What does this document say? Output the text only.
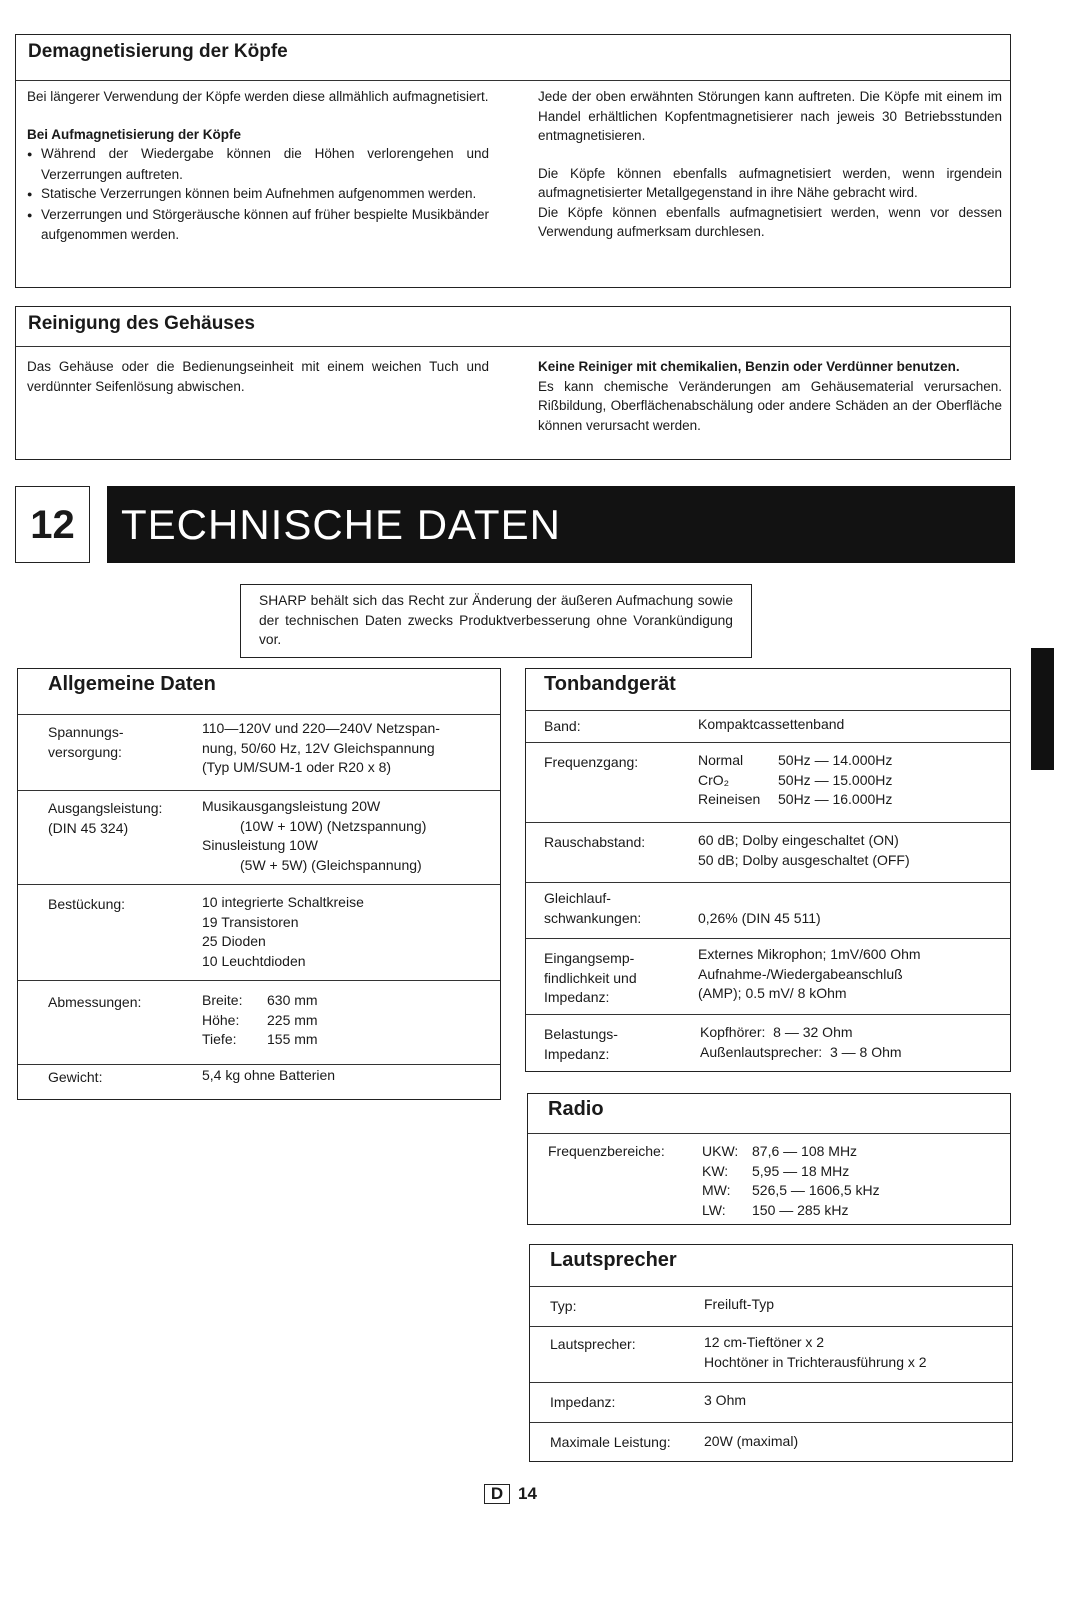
Demagnetisierung der Köpfe

Bei längerer Verwendung der Köpfe werden diese allmählich aufmagnetisiert.

Bei Aufmagnetisierung der Köpfe

● Während der Wiedergabe können die Höhen verlorengehen und Verzerrungen auftreten.
● Statische Verzerrungen können beim Aufnehmen aufgenommen werden.
● Verzerrungen und Störgeräusche können auf früher bespielte Musikbänder aufgenommen werden.

Jede der oben erwähnten Störungen kann auftreten. Die Köpfe mit einem im Handel erhältlichen Kopfentmagnetisierer nach jeweis 30 Betriebsstunden entmagnetisieren.

Die Köpfe können ebenfalls aufmagnetisiert werden, wenn irgendein aufmagnetisierter Metallgegenstand in ihre Nähe gebracht wird.

Die Köpfe können ebenfalls aufmagnetisiert werden, wenn vor dessen Verwendung aufmerksam durchlesen.

Reinigung des Gehäuses
Das Gehäuse oder die Bedienungseinheit mit einem weichen Tuch und verdünnter Seifenlösung abwischen.

Keine Reiniger mit chemikalien, Benzin oder Verdünner benutzen.

Es kann chemische Veränderungen am Gehäusematerial verursachen. Rißbildung, Oberflächenabschälung oder andere Schäden an der Oberfläche können verursacht werden.

12	TECHNISCHE DATEN
SHARP behält sich das Recht zur Änderung der äußeren Aufmachung sowie der technischen Daten zwecks Produktverbesserung ohne Vorankündigung vor.
Allgemeine Daten
Spannungs-
versorgung:
110—120V und 220—240V Netzspan-
nung, 50/60 Hz, 12V Gleichspannung
(Typ UM/SUM-1 oder R20 x 8)
Ausgangsleistung:
(DIN 45 324)
Musikausgangsleistung 20W
(10W + 10W) (Netzspannung)
Sinusleistung 10W
(5W + 5W) (Gleichspannung)
Bestückung:	10 integrierte Schaltkreise
19 Transistoren
25 Dioden
10 Leuchtdioden
Abmessungen:	Breite: 630 mm
Höhe: 225 mm
Tiefe: 155 mm
Gewicht:	5,4 kg ohne Batterien
Tonbandgerät
Band:	Kompaktcassettenband
Frequenzgang:	Normal 50Hz — 14.000Hz
CrO₂	50Hz — 15.000Hz
Reineisen 50Hz — 16.000Hz
Rauschabstand:	60 dB; Dolby eingeschaltet (ON)
50 dB; Dolby ausgeschaltet (OFF)
Gleichlauf-
schwankungen:	0,26% (DIN 45 511)
Eingangsemp-
findlichkeit und
Impedanz:
Externes Mikrophon; 1mV/600 Ohm
Aufnahme-/Wiedergabeanschluß
(AMP); 0.5 mV/ 8 kOhm
Belastungs-
Impedanz:
Kopfhörer:  8 — 32 Ohm
Außenlautsprecher:  3 — 8 Ohm
Radio
Frequenzbereiche:	UKW: 87,6 — 108 MHz
KW: 5,95 — 18 MHz
MW: 526,5 — 1606,5 kHz
LW: 150 — 285 kHz
Lautsprecher
Typ:	Freiluft-Typ
Lautsprecher:	12 cm-Tieftöner x 2
Hochtöner in Trichterausführung x 2
Impedanz:	3 Ohm
Maximale Leistung: 20W (maximal)
D 14
